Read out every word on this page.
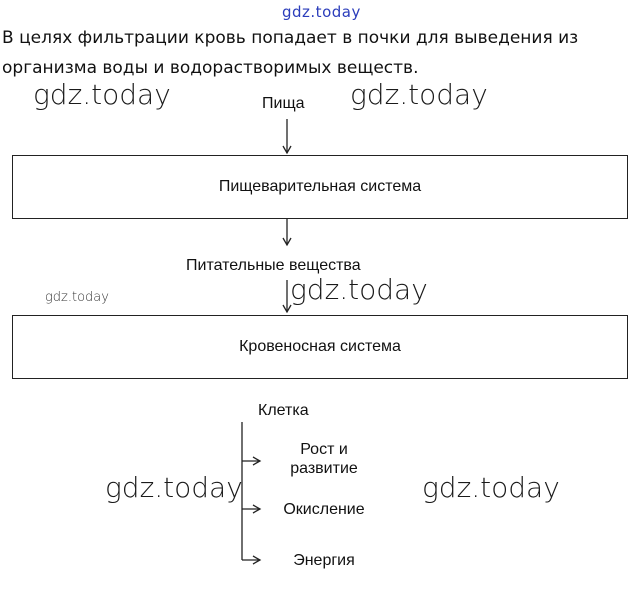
gdz.today

В целях фильтрации кровь попадает в почки для выведения из организма воды и водорастворимых веществ.

gdz.today	gdz.today
gdz.today	gdz.today
gdz.today	gdz.today
Пища
Пищеварительная система
Питательные вещества
Кровеносная система
Клетка
Рост и
развитие
Окисление
Энергия
